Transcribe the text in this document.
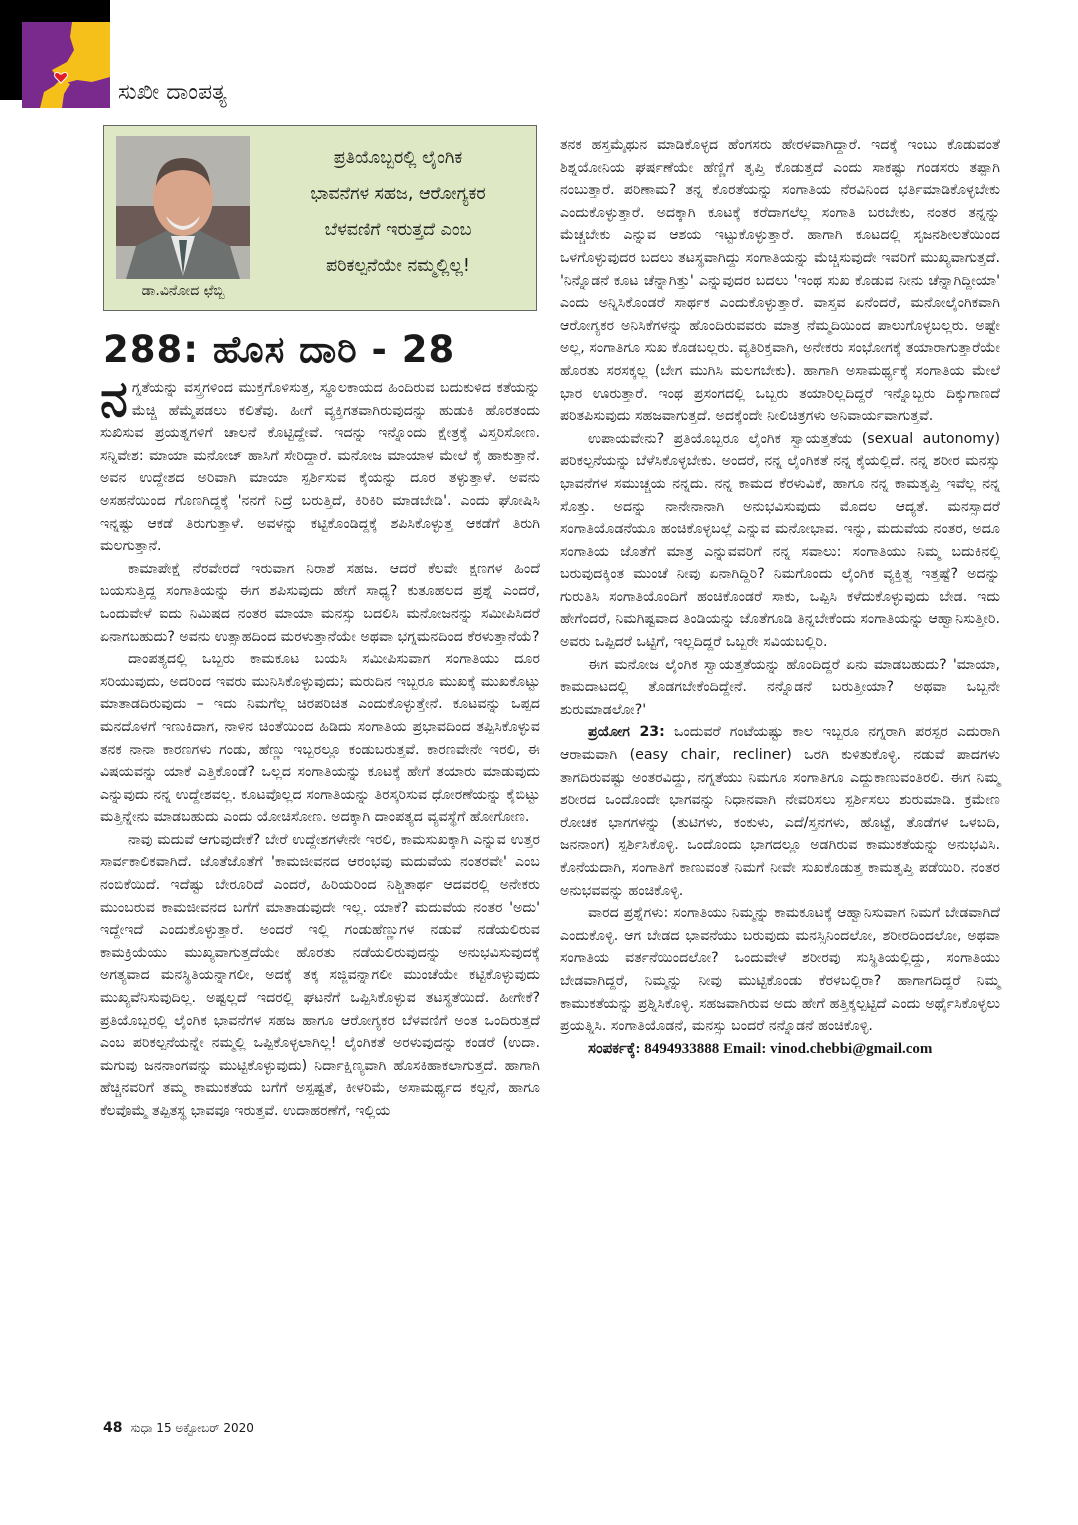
ಸುಖೀ ದಾಂಪತ್ಯ
ಡಾ.ವಿನೋದ ಛೆಬ್ಬಿ
ಪ್ರತಿಯೊಬ್ಬರಲ್ಲಿ ಲೈಂಗಿಕ
ಭಾವನೆಗಳ ಸಹಜ, ಆರೋಗ್ಯಕರ
ಬೆಳವಣಿಗೆ ಇರುತ್ತದೆ ಎಂಬ
ಪರಿಕಲ್ಪನೆಯೇ ನಮ್ಮಲ್ಲಿಲ್ಲ!
288: ಹೊಸ ದಾರಿ - 28

ನಗ್ನತೆಯನ್ನು ವಸ್ತ್ರಗಳಿಂದ ಮುಕ್ತಗೊಳಿಸುತ್ತ, ಸ್ಥೂಲಕಾಯದ ಹಿಂದಿರುವ ಬದುಕುಳಿದ ಕತೆಯನ್ನು ಮೆಚ್ಚಿ ಹೆಮ್ಮೆಪಡಲು ಕಲಿತೆವು. ಹೀಗೆ ವ್ಯಕ್ತಿಗತವಾಗಿರುವುದನ್ನು ಹುಡುಕಿ ಹೊರತಂದು ಸುಖಿಸುವ ಪ್ರಯತ್ನಗಳಿಗೆ ಚಾಲನೆ ಕೊಟ್ಟಿದ್ದೇವೆ. ಇದನ್ನು ಇನ್ನೊಂದು ಕ್ಷೇತ್ರಕ್ಕೆ ವಿಸ್ತರಿಸೋಣ. ಸನ್ನಿವೇಶ: ಮಾಯಾ ಮನೋಜ್ ಹಾಸಿಗೆ ಸೇರಿದ್ದಾರೆ. ಮನೋಜ ಮಾಯಾಳ ಮೇಲೆ ಕೈ ಹಾಕುತ್ತಾನೆ. ಅವನ ಉದ್ದೇಶದ ಅರಿವಾಗಿ ಮಾಯಾ ಸ್ಪರ್ಶಿಸುವ ಕೈಯನ್ನು ದೂರ ತಳ್ಳುತ್ತಾಳೆ. ಅವನು ಅಸಹನೆಯಿಂದ ಗೊಣಗಿದ್ದಕ್ಕೆ 'ನನಗೆ ನಿದ್ರೆ ಬರುತ್ತಿದೆ, ಕಿರಿಕಿರಿ ಮಾಡಬೇಡಿ'. ಎಂದು ಘೋಷಿಸಿ ಇನ್ನಷ್ಟು ಆಕಡೆ ತಿರುಗುತ್ತಾಳೆ. ಅವಳನ್ನು ಕಟ್ಟಿಕೊಂಡಿದ್ದಕ್ಕೆ ಶಪಿಸಿಕೊಳ್ಳುತ್ತ ಆಕಡೆಗೆ ತಿರುಗಿ ಮಲಗುತ್ತಾನೆ.

ಕಾಮಾಪೇಕ್ಷೆ ನೆರವೇರದೆ ಇರುವಾಗ ನಿರಾಶೆ ಸಹಜ. ಆದರೆ ಕೆಲವೇ ಕ್ಷಣಗಳ ಹಿಂದೆ ಬಯಸುತ್ತಿದ್ದ ಸಂಗಾತಿಯನ್ನು ಈಗ ಶಪಿಸುವುದು ಹೇಗೆ ಸಾಧ್ಯ? ಕುತೂಹಲದ ಪ್ರಶ್ನೆ ಎಂದರೆ, ಒಂದುವೇಳೆ ಐದು ನಿಮಿಷದ ನಂತರ ಮಾಯಾ ಮನಸ್ಸು ಬದಲಿಸಿ ಮನೋಜನನ್ನು ಸಮೀಪಿಸಿದರೆ ಏನಾಗಬಹುದು? ಅವನು ಉತ್ಸಾಹದಿಂದ ಮರಳುತ್ತಾನೆಯೇ ಅಥವಾ ಭಗ್ನಮನದಿಂದ ಕೆರಳುತ್ತಾನೆಯೆ?

ದಾಂಪತ್ಯದಲ್ಲಿ ಒಬ್ಬರು ಕಾಮಕೂಟ ಬಯಸಿ ಸಮೀಪಿಸುವಾಗ ಸಂಗಾತಿಯು ದೂರ ಸರಿಯುವುದು, ಅದರಿಂದ ಇವರು ಮುನಿಸಿಕೊಳ್ಳುವುದು; ಮರುದಿನ ಇಬ್ಬರೂ ಮುಖಕ್ಕೆ ಮುಖಕೊಟ್ಟು ಮಾತಾಡದಿರುವುದು – ಇದು ನಿಮಗೆಲ್ಲ ಚಿರಪರಿಚಿತ ಎಂದುಕೊಳ್ಳುತ್ತೇನೆ. ಕೂಟವನ್ನು ಒಪ್ಪದ ಮನದೊಳಗೆ ಇಣುಕಿದಾಗ, ನಾಳಿನ ಚಿಂತೆಯಿಂದ ಹಿಡಿದು ಸಂಗಾತಿಯ ಪ್ರಭಾವದಿಂದ ತಪ್ಪಿಸಿಕೊಳ್ಳುವ ತನಕ ನಾನಾ ಕಾರಣಗಳು ಗಂಡು, ಹೆಣ್ಣು ಇಬ್ಬರಲ್ಲೂ ಕಂಡುಬರುತ್ತವೆ. ಕಾರಣವೇನೇ ಇರಲಿ, ಈ ವಿಷಯವನ್ನು ಯಾಕೆ ಎತ್ತಿಕೊಂಡೆ? ಒಲ್ಲದ ಸಂಗಾತಿಯನ್ನು ಕೂಟಕ್ಕೆ ಹೇಗೆ ತಯಾರು ಮಾಡುವುದು ಎನ್ನುವುದು ನನ್ನ ಉದ್ದೇಶವಲ್ಲ. ಕೂಟವೊಲ್ಲದ ಸಂಗಾತಿಯನ್ನು ತಿರಸ್ಕರಿಸುವ ಧೋರಣೆಯನ್ನು ಕೈಬಿಟ್ಟು ಮತ್ತಿನ್ನೇನು ಮಾಡಬಹುದು ಎಂದು ಯೋಚಿಸೋಣ. ಅದಕ್ಕಾಗಿ ದಾಂಪತ್ಯದ ವ್ಯವಸ್ಥೆಗೆ ಹೋಗೋಣ.

ನಾವು ಮದುವೆ ಆಗುವುದೇಕೆ? ಬೇರೆ ಉದ್ದೇಶಗಳೇನೇ ಇರಲಿ, ಕಾಮಸುಖಕ್ಕಾಗಿ ಎನ್ನುವ ಉತ್ತರ ಸಾರ್ವಕಾಲಿಕವಾಗಿದೆ. ಜೊತೆಜೊತೆಗೆ 'ಕಾಮಜೀವನದ ಆರಂಭವು ಮದುವೆಯ ನಂತರವೇ' ಎಂಬ ನಂಬಿಕೆಯಿದೆ. ಇದೆಷ್ಟು ಬೇರೂರಿದೆ ಎಂದರೆ, ಹಿರಿಯರಿಂದ ನಿಶ್ಚಿತಾರ್ಥ ಆದವರಲ್ಲಿ ಅನೇಕರು ಮುಂಬರುವ ಕಾಮಜೀವನದ ಬಗೆಗೆ ಮಾತಾಡುವುದೇ ಇಲ್ಲ. ಯಾಕೆ? ಮದುವೆಯ ನಂತರ 'ಅದು' ಇದ್ದೇಇದೆ ಎಂದುಕೊಳ್ಳುತ್ತಾರೆ. ಅಂದರೆ ಇಲ್ಲಿ ಗಂಡುಹೆಣ್ಣುಗಳ ನಡುವೆ ನಡೆಯಲಿರುವ ಕಾಮಕ್ರಿಯೆಯು ಮುಖ್ಯವಾಗುತ್ತದೆಯೇ ಹೊರತು ನಡೆಯಲಿರುವುದನ್ನು ಅನುಭವಿಸುವುದಕ್ಕೆ ಅಗತ್ಯವಾದ ಮನಸ್ಥಿತಿಯನ್ನಾಗಲೀ, ಅದಕ್ಕೆ ತಕ್ಕ ಸಜ್ಜಿವನ್ನಾಗಲೀ ಮುಂಚೆಯೇ ಕಟ್ಟಿಕೊಳ್ಳುವುದು ಮುಖ್ಯವೆನಿಸುವುದಿಲ್ಲ. ಅಷ್ಟಲ್ಲದೆ ಇದರಲ್ಲಿ ಘಟನೆಗೆ ಒಪ್ಪಿಸಿಕೊಳ್ಳುವ ತಟಸ್ಥತೆಯಿದೆ. ಹೀಗೇಕೆ? ಪ್ರತಿಯೊಬ್ಬರಲ್ಲಿ ಲೈಂಗಿಕ ಭಾವನೆಗಳ ಸಹಜ ಹಾಗೂ ಆರೋಗ್ಯಕರ ಬೆಳವಣಿಗೆ ಅಂತ ಒಂದಿರುತ್ತದೆ ಎಂಬ ಪರಿಕಲ್ಪನೆಯನ್ನೇ ನಮ್ಮಲ್ಲಿ ಒಪ್ಪಿಕೊಳ್ಳಲಾಗಿಲ್ಲ! ಲೈಂಗಿಕತೆ ಅರಳುವುದನ್ನು ಕಂಡರೆ (ಉದಾ. ಮಗುವು ಜನನಾಂಗವನ್ನು ಮುಟ್ಟಿಕೊಳ್ಳುವುದು) ನಿರ್ದಾಕ್ಷಿಣ್ಯವಾಗಿ ಹೊಸಕಿಹಾಕಲಾಗುತ್ತದೆ. ಹಾಗಾಗಿ ಹೆಚ್ಚಿನವರಿಗೆ ತಮ್ಮ ಕಾಮುಕತೆಯ ಬಗೆಗೆ ಅಸ್ಪಷ್ಟತೆ, ಕೀಳರಿಮೆ, ಅಸಾಮರ್ಥ್ಯದ ಕಲ್ಪನೆ, ಹಾಗೂ ಕೆಲವೊಮ್ಮೆ ತಪ್ಪಿತಸ್ಥ ಭಾವವೂ ಇರುತ್ತವೆ. ಉದಾಹರಣೆಗೆ, ಇಲ್ಲಿಯ

ತನಕ ಹಸ್ತಮೈಥುನ ಮಾಡಿಕೊಳ್ಳದ ಹೆಂಗಸರು ಹೇರಳವಾಗಿದ್ದಾರೆ. ಇದಕ್ಕೆ ಇಂಬು ಕೊಡುವಂತೆ ಶಿಶ್ನಯೋನಿಯ ಘರ್ಷಣೆಯೇ ಹೆಣ್ಣಿಗೆ ತೃಪ್ತಿ ಕೊಡುತ್ತದೆ ಎಂದು ಸಾಕಷ್ಟು ಗಂಡಸರು ತಪ್ಪಾಗಿ ನಂಬುತ್ತಾರೆ. ಪರಿಣಾಮ? ತನ್ನ ಕೊರತೆಯನ್ನು ಸಂಗಾತಿಯ ನೆರವಿನಿಂದ ಭರ್ತಿಮಾಡಿಕೊಳ್ಳಬೇಕು ಎಂದುಕೊಳ್ಳುತ್ತಾರೆ. ಅದಕ್ಕಾಗಿ ಕೂಟಕ್ಕೆ ಕರೆದಾಗಲೆಲ್ಲ ಸಂಗಾತಿ ಬರಬೇಕು, ನಂತರ ತನ್ನನ್ನು ಮೆಚ್ಚಬೇಕು ಎನ್ನುವ ಆಶಯ ಇಟ್ಟುಕೊಳ್ಳುತ್ತಾರೆ. ಹಾಗಾಗಿ ಕೂಟದಲ್ಲಿ ಸೃಜನಶೀಲತೆಯಿಂದ ಒಳಗೊಳ್ಳುವುದರ ಬದಲು ತಟಸ್ಥವಾಗಿದ್ದು ಸಂಗಾತಿಯನ್ನು ಮೆಚ್ಚಿಸುವುದೇ ಇವರಿಗೆ ಮುಖ್ಯವಾಗುತ್ತದೆ. 'ನಿನ್ನೊಡನೆ ಕೂಟ ಚೆನ್ನಾಗಿತ್ತು' ಎನ್ನುವುದರ ಬದಲು 'ಇಂಥ ಸುಖ ಕೊಡುವ ನೀನು ಚೆನ್ನಾಗಿದ್ದೀಯಾ' ಎಂದು ಅನ್ನಿಸಿಕೊಂಡರೆ ಸಾರ್ಥಕ ಎಂದುಕೊಳ್ಳುತ್ತಾರೆ. ವಾಸ್ತವ ಏನೆಂದರೆ, ಮನೋಲೈಂಗಿಕವಾಗಿ ಆರೋಗ್ಯಕರ ಅನಿಸಿಕೆಗಳನ್ನು ಹೊಂದಿರುವವರು ಮಾತ್ರ ನೆಮ್ಮದಿಯಿಂದ ಪಾಲುಗೊಳ್ಳಬಲ್ಲರು. ಅಷ್ಟೇ ಅಲ್ಲ, ಸಂಗಾತಿಗೂ ಸುಖ ಕೊಡಬಲ್ಲರು. ವ್ಯತಿರಿಕ್ತವಾಗಿ, ಅನೇಕರು ಸಂಭೋಗಕ್ಕೆ ತಯಾರಾಗುತ್ತಾರೆಯೇ ಹೊರತು ಸರಸಕ್ಕಲ್ಲ (ಬೇಗ ಮುಗಿಸಿ ಮಲಗಬೇಕು). ಹಾಗಾಗಿ ಅಸಾಮರ್ಥ್ಯಕ್ಕೆ ಸಂಗಾತಿಯ ಮೇಲೆ ಭಾರ ಊರುತ್ತಾರೆ. ಇಂಥ ಪ್ರಸಂಗದಲ್ಲಿ ಒಬ್ಬರು ತಯಾರಿಲ್ಲದಿದ್ದರೆ ಇನ್ನೊಬ್ಬರು ದಿಕ್ಕುಗಾಣದೆ ಪರಿತಪಿಸುವುದು ಸಹಜವಾಗುತ್ತದೆ. ಅದಕ್ಕೆಂದೇ ನೀಲಿಚಿತ್ರಗಳು ಅನಿವಾರ್ಯವಾಗುತ್ತವೆ.

ಉಪಾಯವೇನು? ಪ್ರತಿಯೊಬ್ಬರೂ ಲೈಂಗಿಕ ಸ್ವಾಯತ್ತತೆಯ (sexual autonomy) ಪರಿಕಲ್ಪನೆಯನ್ನು ಬೆಳೆಸಿಕೊಳ್ಳಬೇಕು. ಅಂದರೆ, ನನ್ನ ಲೈಂಗಿಕತೆ ನನ್ನ ಕೈಯಲ್ಲಿದೆ. ನನ್ನ ಶರೀರ ಮನಸ್ಸು ಭಾವನೆಗಳ ಸಮುಚ್ಚಯ ನನ್ನದು. ನನ್ನ ಕಾಮದ ಕೆರಳುವಿಕೆ, ಹಾಗೂ ನನ್ನ ಕಾಮತೃಪ್ತಿ ಇವೆಲ್ಲ ನನ್ನ ಸೊತ್ತು. ಅದನ್ನು ನಾನೇನಾನಾಗಿ ಅನುಭವಿಸುವುದು ಮೊದಲ ಆದ್ಯತೆ. ಮನಸ್ಸಾದರೆ ಸಂಗಾತಿಯೊಡನೆಯೂ ಹಂಚಿಕೊಳ್ಳಬಲ್ಲೆ ಎನ್ನುವ ಮನೋಭಾವ. ಇನ್ನು, ಮದುವೆಯ ನಂತರ, ಅದೂ ಸಂಗಾತಿಯ ಜೊತೆಗೆ ಮಾತ್ರ ಎನ್ನುವವರಿಗೆ ನನ್ನ ಸವಾಲು: ಸಂಗಾತಿಯು ನಿಮ್ಮ ಬದುಕಿನಲ್ಲಿ ಬರುವುದಕ್ಕಿಂತ ಮುಂಚೆ ನೀವು ಏನಾಗಿದ್ದಿರಿ? ನಿಮಗೊಂದು ಲೈಂಗಿಕ ವ್ಯಕ್ತಿತ್ವ ಇತ್ತಷ್ಟೆ? ಅದನ್ನು ಗುರುತಿಸಿ ಸಂಗಾತಿಯೊಂದಿಗೆ ಹಂಚಿಕೊಂಡರೆ ಸಾಕು, ಒಪ್ಪಿಸಿ ಕಳೆದುಕೊಳ್ಳುವುದು ಬೇಡ. ಇದು ಹೇಗೆಂದರೆ, ನಿಮಗಿಷ್ಟವಾದ ತಿಂಡಿಯನ್ನು ಜೊತೆಗೂಡಿ ತಿನ್ನಬೇಕೆಂದು ಸಂಗಾತಿಯನ್ನು ಆಹ್ವಾನಿಸುತ್ತೀರಿ. ಅವರು ಒಪ್ಪಿದರೆ ಒಟ್ಟಿಗೆ, ಇಲ್ಲದಿದ್ದರೆ ಒಬ್ಬರೇ ಸವಿಯಬಲ್ಲಿರಿ.

ಈಗ ಮನೋಜ ಲೈಂಗಿಕ ಸ್ವಾಯತ್ತತೆಯನ್ನು ಹೊಂದಿದ್ದರೆ ಏನು ಮಾಡಬಹುದು? 'ಮಾಯಾ, ಕಾಮದಾಟದಲ್ಲಿ ತೊಡಗಬೇಕೆಂದಿದ್ದೇನೆ. ನನ್ನೊಡನೆ ಬರುತ್ತೀಯಾ? ಅಥವಾ ಒಬ್ಬನೇ ಶುರುಮಾಡಲೋ?'

ಪ್ರಯೋಗ 23: ಒಂದುವರೆ ಗಂಟೆಯಷ್ಟು ಕಾಲ ಇಬ್ಬರೂ ನಗ್ನರಾಗಿ ಪರಸ್ಪರ ಎದುರಾಗಿ ಆರಾಮವಾಗಿ (easy chair, recliner) ಒರಗಿ ಕುಳಿತುಕೊಳ್ಳಿ. ನಡುವೆ ಪಾದಗಳು ತಾಗದಿರುವಷ್ಟು ಅಂತರವಿದ್ದು, ನಗ್ನತೆಯು ನಿಮಗೂ ಸಂಗಾತಿಗೂ ಎದ್ದುಕಾಣುವಂತಿರಲಿ. ಈಗ ನಿಮ್ಮ ಶರೀರದ ಒಂದೊಂದೇ ಭಾಗವನ್ನು ನಿಧಾನವಾಗಿ ನೇವರಿಸಲು ಸ್ಪರ್ಶಿಸಲು ಶುರುಮಾಡಿ. ಕ್ರಮೇಣ ರೋಚಕ ಭಾಗಗಳನ್ನು (ತುಟಿಗಳು, ಕಂಕುಳು, ಎದೆ/ಸ್ತನಗಳು, ಹೊಟ್ಟೆ, ತೊಡೆಗಳ ಒಳಬದಿ, ಜನನಾಂಗ) ಸ್ಪರ್ಶಿಸಿಕೊಳ್ಳಿ. ಒಂದೊಂದು ಭಾಗದಲ್ಲೂ ಅಡಗಿರುವ ಕಾಮುಕತೆಯನ್ನು ಅನುಭವಿಸಿ. ಕೊನೆಯದಾಗಿ, ಸಂಗಾತಿಗೆ ಕಾಣುವಂತೆ ನಿಮಗೆ ನೀವೇ ಸುಖಕೊಡುತ್ತ ಕಾಮತೃಪ್ತಿ ಪಡೆಯಿರಿ. ನಂತರ ಅನುಭವವನ್ನು ಹಂಚಿಕೊಳ್ಳಿ.

ವಾರದ ಪ್ರಶ್ನೆಗಳು: ಸಂಗಾತಿಯು ನಿಮ್ಮನ್ನು ಕಾಮಕೂಟಕ್ಕೆ ಆಹ್ವಾನಿಸುವಾಗ ನಿಮಗೆ ಬೇಡವಾಗಿದೆ ಎಂದುಕೊಳ್ಳಿ. ಆಗ ಬೇಡದ ಭಾವನೆಯು ಬರುವುದು ಮನಸ್ಸಿನಿಂದಲೋ, ಶರೀರದಿಂದಲೋ, ಅಥವಾ ಸಂಗಾತಿಯ ವರ್ತನೆಯಿಂದಲೋ? ಒಂದುವೇಳೆ ಶರೀರವು ಸುಸ್ಥಿತಿಯಲ್ಲಿದ್ದು, ಸಂಗಾತಿಯು ಬೇಡವಾಗಿದ್ದರೆ, ನಿಮ್ಮನ್ನು ನೀವು ಮುಟ್ಟಿಕೊಂಡು ಕೆರಳಬಲ್ಲಿರಾ? ಹಾಗಾಗದಿದ್ದರೆ ನಿಮ್ಮ ಕಾಮುಕತೆಯನ್ನು ಪ್ರಶ್ನಿಸಿಕೊಳ್ಳಿ. ಸಹಜವಾಗಿರುವ ಅದು ಹೇಗೆ ಹತ್ತಿಕ್ಕಲ್ಪಟ್ಟಿದೆ ಎಂದು ಅರ್ಥೈಸಿಕೊಳ್ಳಲು ಪ್ರಯತ್ನಿಸಿ. ಸಂಗಾತಿಯೊಡನೆ, ಮನಸ್ಸು ಬಂದರೆ ನನ್ನೊಡನೆ ಹಂಚಿಕೊಳ್ಳಿ.

ಸಂಪರ್ಕಕ್ಕೆ: 8494933888 Email: vinod.chebbi@gmail.com

48 ಸುಧಾ 15 ಅಕ್ಟೋಬರ್ 2020
